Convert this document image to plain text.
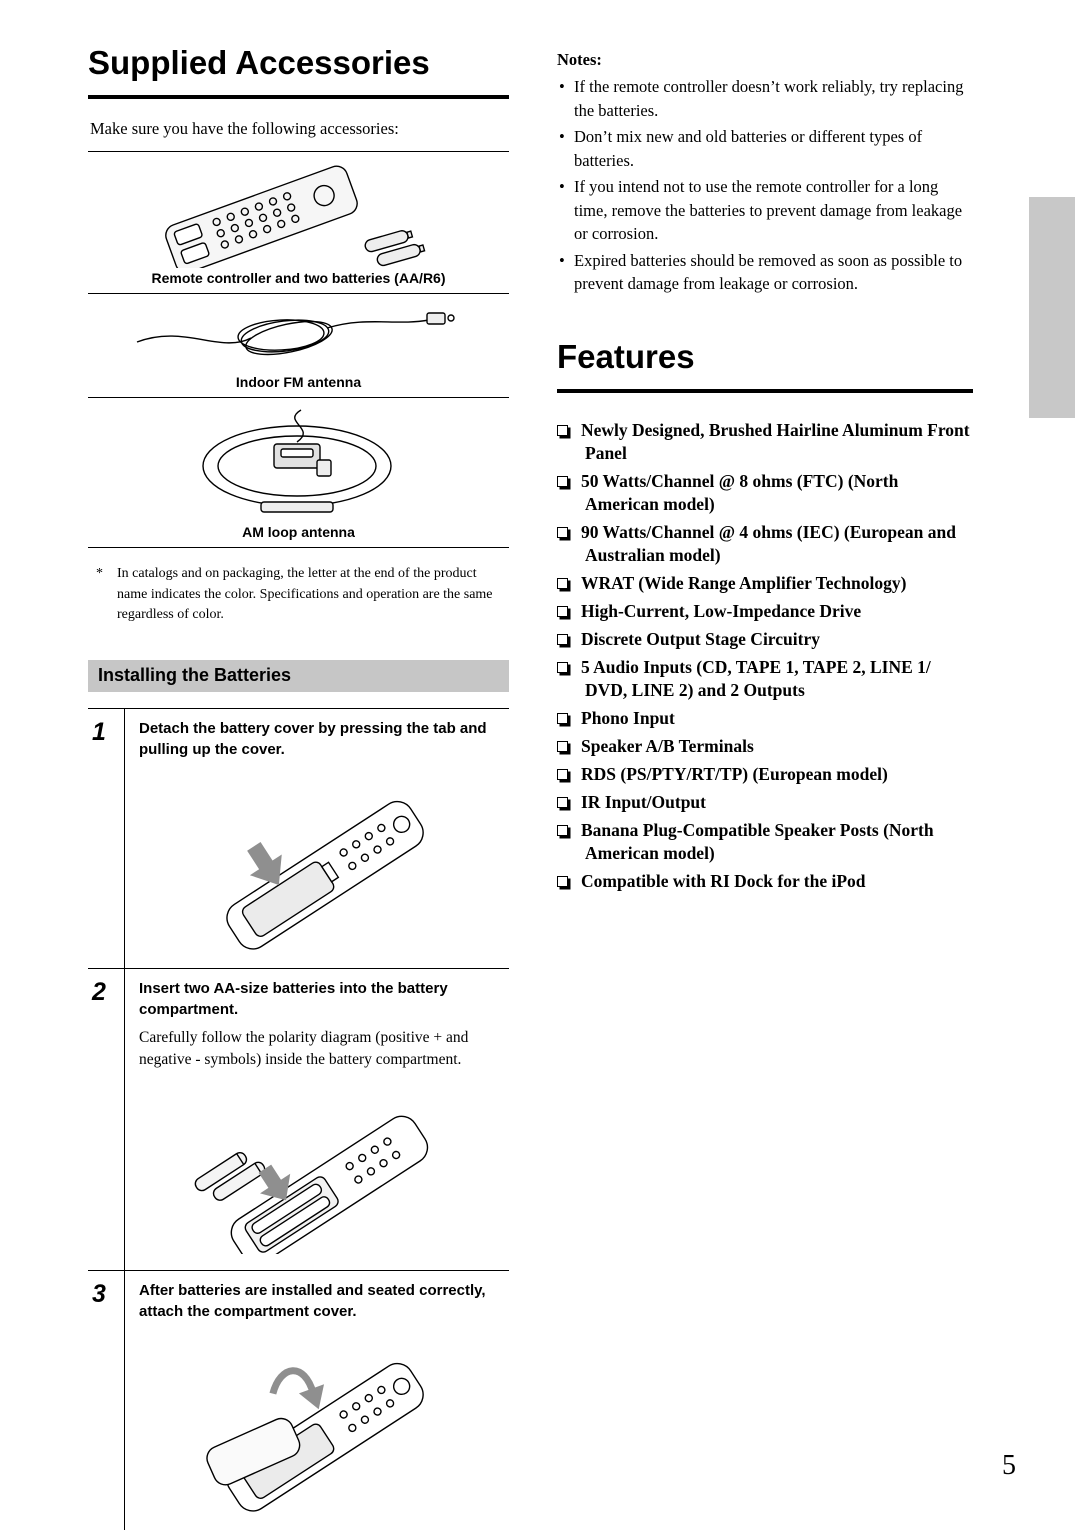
Supplied Accessories

Make sure you have the following accessories:

Remote controller and two batteries (AA/R6)
Indoor FM antenna
AM loop antenna
*	In catalogs and on packaging, the letter at the end of the product name indicates the color. Specifications and operation are the same regardless of color.
Installing the Batteries
1	Detach the battery cover by pressing the tab and pulling up the cover.

2	Insert two AA-size batteries into the battery compartment.

Carefully follow the polarity diagram (positive + and negative - symbols) inside the battery compartment.

3	After batteries are installed and seated correctly, attach the compartment cover.

Notes:

• If the remote controller doesn’t work reliably, try replacing the batteries.
• Don’t mix new and old batteries or different types of batteries.
• If you intend not to use the remote controller for a long time, remove the batteries to prevent damage from leakage or corrosion.
• Expired batteries should be removed as soon as possible to prevent damage from leakage or corrosion.
Features
Newly Designed, Brushed Hairline Aluminum Front Panel
50 Watts/Channel @ 8 ohms (FTC) (North American model)
90 Watts/Channel @ 4 ohms (IEC) (European and Australian model)
WRAT (Wide Range Amplifier Technology)
High-Current, Low-Impedance Drive
Discrete Output Stage Circuitry
5 Audio Inputs (CD, TAPE 1, TAPE 2, LINE 1/ DVD, LINE 2) and 2 Outputs
Phono Input
Speaker A/B Terminals
RDS (PS/PTY/RT/TP) (European model)
IR Input/Output
Banana Plug-Compatible Speaker Posts (North American model)
Compatible with RI Dock for the iPod
5
